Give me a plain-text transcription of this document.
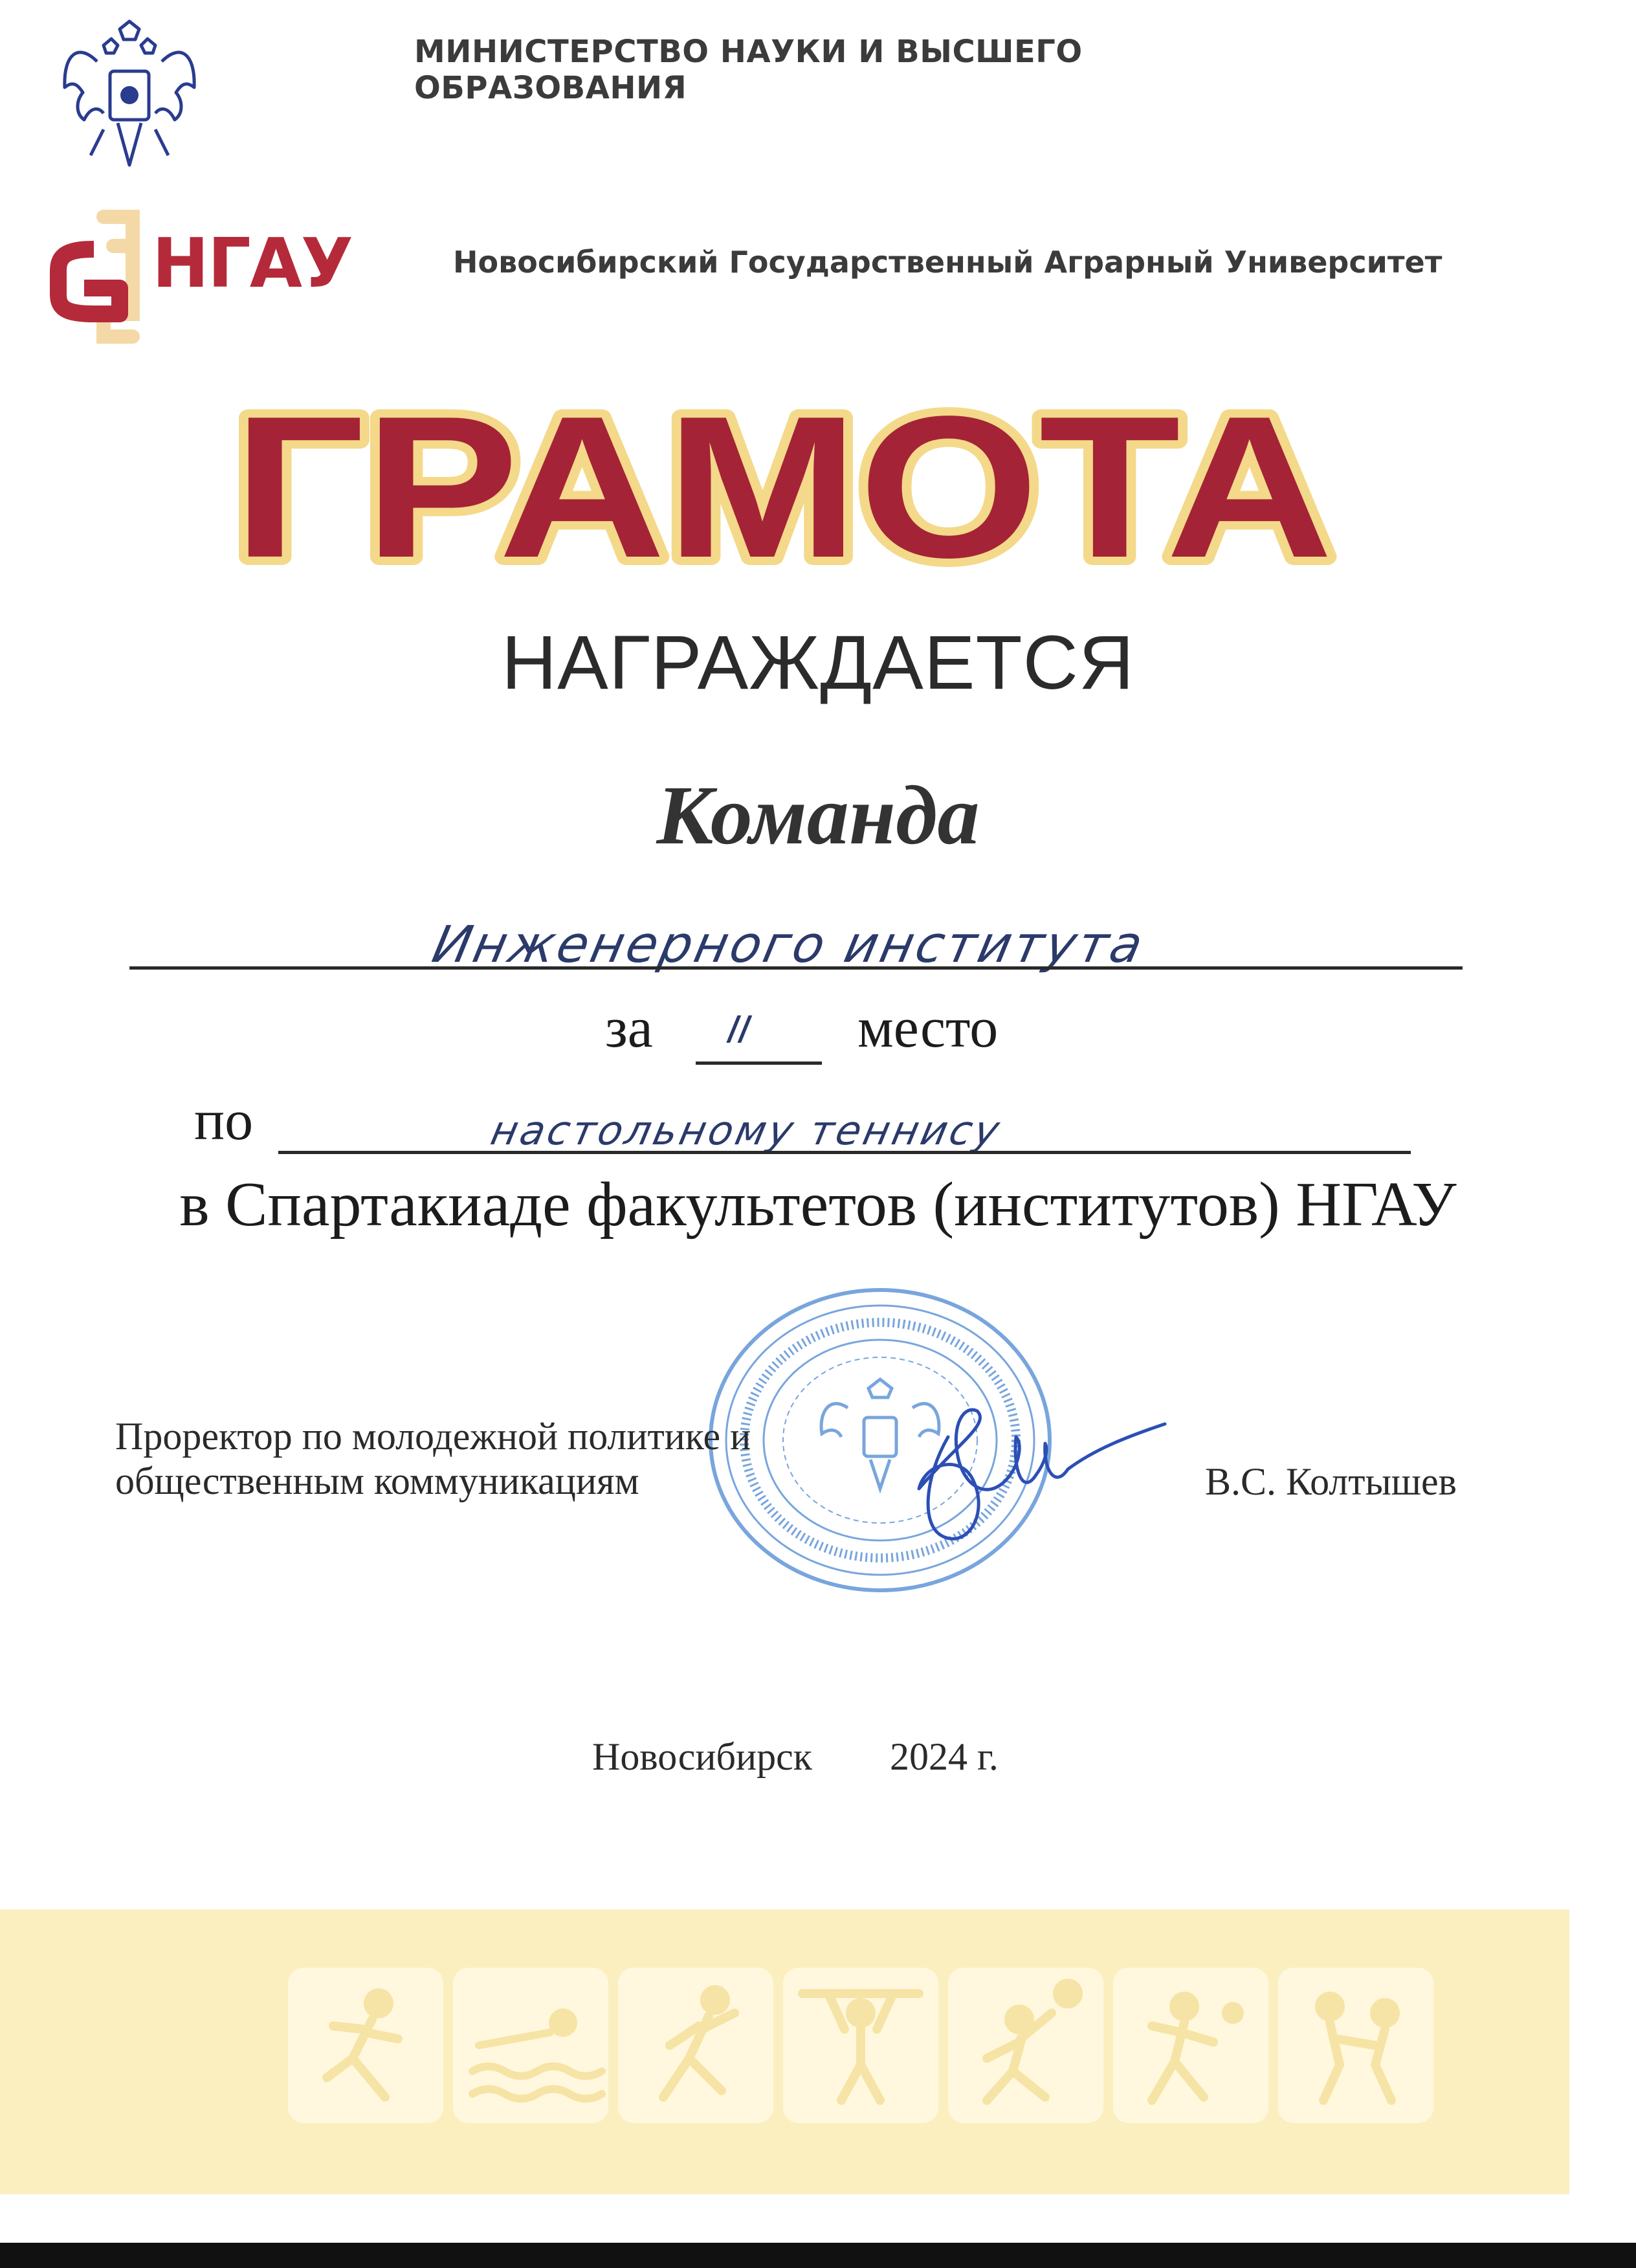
МИНИСТЕРСТВО НАУКИ И ВЫСШЕГО ОБРАЗОВАНИЯ
НГАУ	Новосибирский Государственный Аграрный Университет
ГРАМОТА
НАГРАЖДАЕТСЯ
Команда
Инженерного института
за II место
по	настольному теннису
в Спартакиаде факультетов (институтов) НГАУ
Проректор по молодежной политике и
общественным коммуникациям	В.С. Колтышев
Новосибирск 2024 г.
